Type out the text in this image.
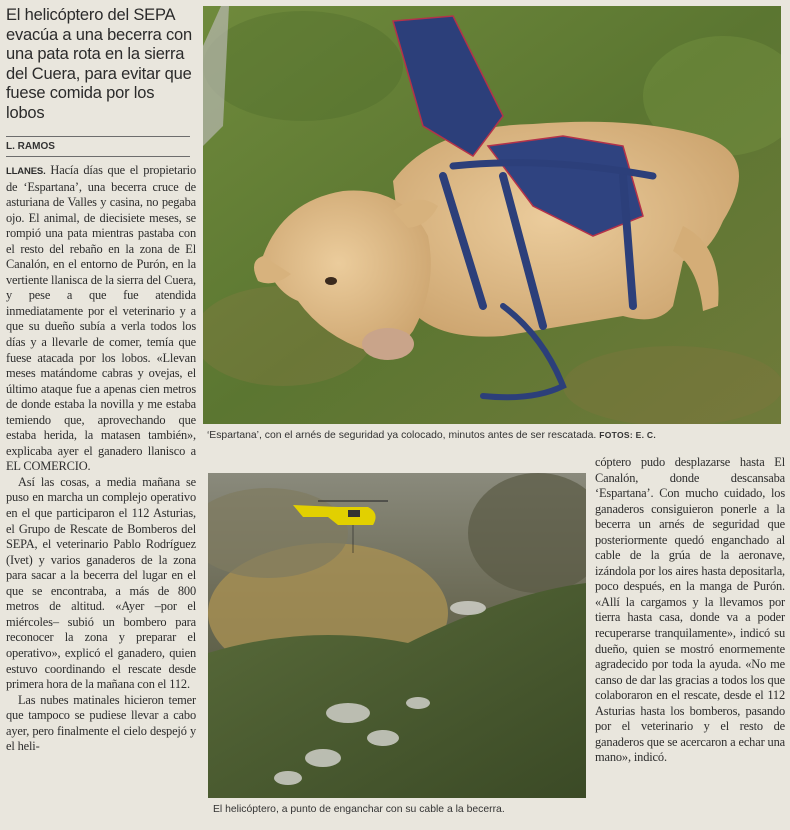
El helicóptero del SEPA evacúa a una becerra con una pata rota en la sierra del Cuera, para evitar que fuese comida por los lobos
L. RAMOS

LLANES. Hacía días que el propietario de ‘Espartana’, una becerra cruce de asturiana de Valles y casina, no pegaba ojo. El animal, de diecisiete meses, se rompió una pata mientras pastaba con el resto del rebaño en la zona de El Canalón, en el entorno de Purón, en la vertiente llanisca de la sierra del Cuera, y pese a que fue atendida inmediatamente por el veterinario y a que su dueño subía a verla todos los días y a llevarle de comer, temía que fuese atacada por los lobos. «Llevan meses matándome cabras y ovejas, el último ataque fue a apenas cien metros de donde estaba la novilla y me estaba temiendo que, aprovechando que estaba herida, la matasen también», explicaba ayer el ganadero llanisco a EL COMERCIO.

Así las cosas, a media mañana se puso en marcha un complejo operativo en el que participaron el 112 Asturias, el Grupo de Rescate de Bomberos del SEPA, el veterinario Pablo Rodríguez (Ivet) y varios ganaderos de la zona para sacar a la becerra del lugar en el que se encontraba, a más de 800 metros de altitud. «Ayer –por el miércoles– subió un bombero para reconocer la zona y preparar el operativo», explicó el ganadero, quien estuvo coordinando el rescate desde primera hora de la mañana con el 112.

Las nubes matinales hicieron temer que tampoco se pudiese llevar a cabo ayer, pero finalmente el cielo despejó y el heli-

‘Espartana’, con el arnés de seguridad ya colocado, minutos antes de ser rescatada. FOTOS: E. C.
El helicóptero, a punto de enganchar con su cable a la becerra.

cóptero pudo desplazarse hasta El Canalón, donde descansaba ‘Espartana’. Con mucho cuidado, los ganaderos consiguieron ponerle a la becerra un arnés de seguridad que posteriormente quedó enganchado al cable de la grúa de la aeronave, izándola por los aires hasta depositarla, poco después, en la manga de Purón. «Allí la cargamos y la llevamos por tierra hasta casa, donde va a poder recuperarse tranquilamente», indicó su dueño, quien se mostró enormemente agradecido por toda la ayuda. «No me canso de dar las gracias a todos los que colaboraron en el rescate, desde el 112 Asturias hasta los bomberos, pasando por el veterinario y el resto de ganaderos que se acercaron a echar una mano», indicó.
